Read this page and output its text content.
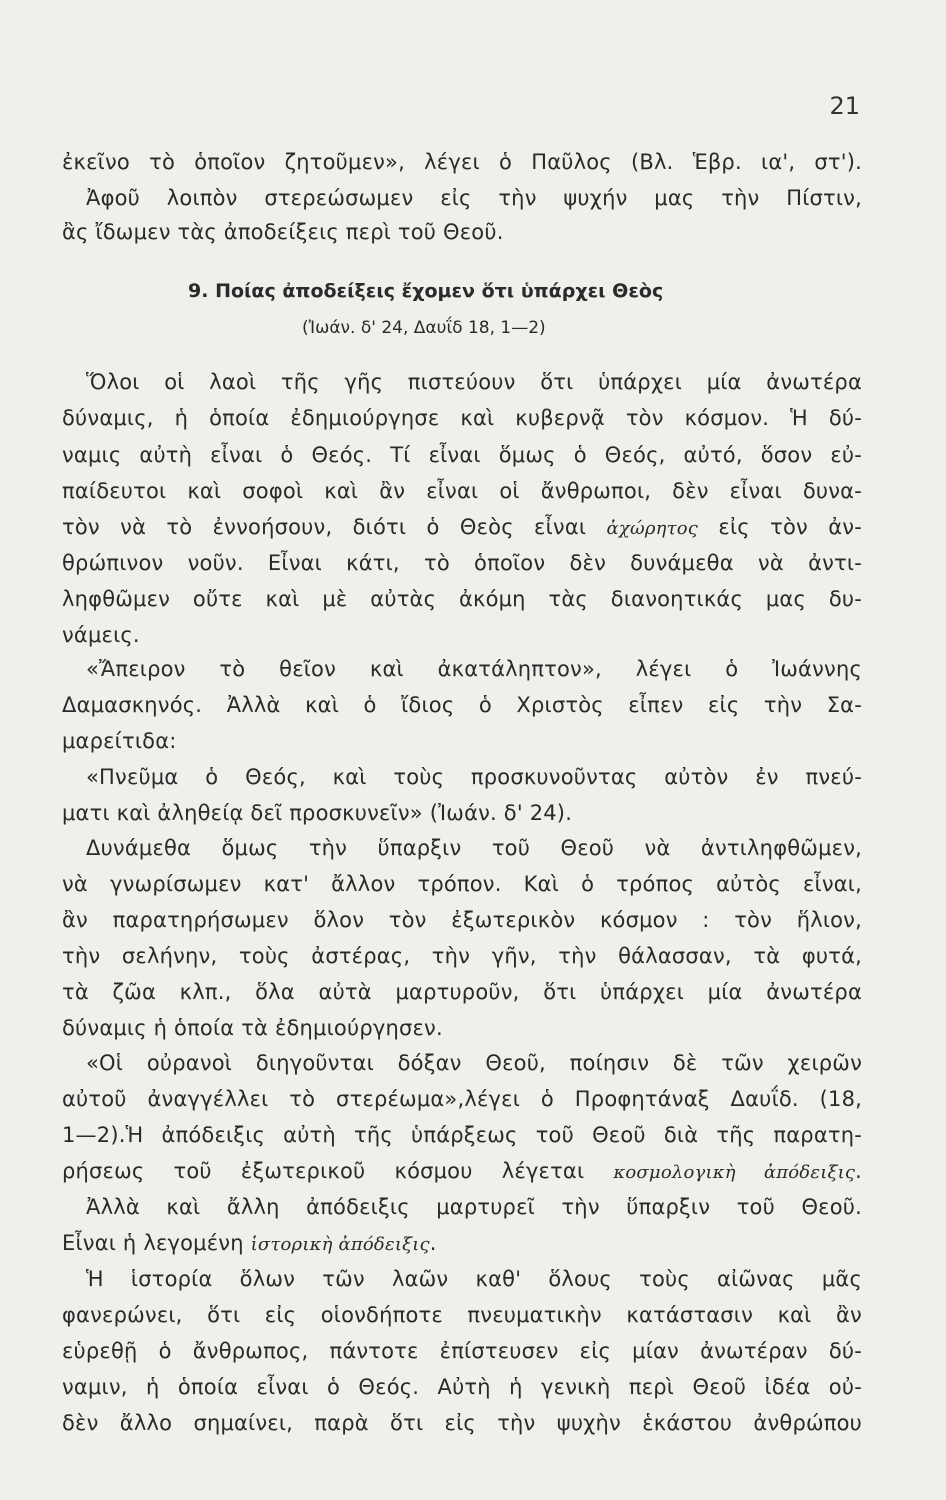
21
ἐκεῖνο τὸ ὁποῖον ζητοῦμεν», λέγει ὁ Παῦλος (Βλ. Ἑβρ. ια', στ').
Ἀφοῦ λοιπὸν στερεώσωμεν εἰς τὴν ψυχήν μας τὴν Πίστιν,
ἂς ἴδωμεν τὰς ἀποδείξεις περὶ τοῦ Θεοῦ.
9. Ποίας ἀποδείξεις ἔχομεν ὅτι ὑπάρχει Θεὸς
(Ἰωάν. δ' 24, Δαυΐδ 18, 1—2)
Ὅλοι οἱ λαοὶ τῆς γῆς πιστεύουν ὅτι ὑπάρχει μία ἀνωτέρα
δύναμις, ἡ ὁποία ἐδημιούργησε καὶ κυβερνᾷ τὸν κόσμον. Ἡ δύ-
ναμις αὐτὴ εἶναι ὁ Θεός. Τί εἶναι ὅμως ὁ Θεός, αὐτό, ὅσον εὐ-
παίδευτοι καὶ σοφοὶ καὶ ἂν εἶναι οἱ ἄνθρωποι, δὲν εἶναι δυνα-
τὸν νὰ τὸ ἐννοήσουν, διότι ὁ Θεὸς εἶναι ἀχώρητος εἰς τὸν ἀν-
θρώπινον νοῦν. Εἶναι κάτι, τὸ ὁποῖον δὲν δυνάμεθα νὰ ἀντι-
ληφθῶμεν οὔτε καὶ μὲ αὐτὰς ἀκόμη τὰς διανοητικάς μας δυ-
νάμεις.
«Ἄπειρον τὸ θεῖον καὶ ἀκατάληπτον», λέγει ὁ Ἰωάννης
Δαμασκηνός. Ἀλλὰ καὶ ὁ ἴδιος ὁ Χριστὸς εἶπεν εἰς τὴν Σα-
μαρείτιδα:
«Πνεῦμα ὁ Θεός, καὶ τοὺς προσκυνοῦντας αὐτὸν ἐν πνεύ-
ματι καὶ ἀληθείᾳ δεῖ προσκυνεῖν» (Ἰωάν. δ' 24).
Δυνάμεθα ὅμως τὴν ὕπαρξιν τοῦ Θεοῦ νὰ ἀντιληφθῶμεν,
νὰ γνωρίσωμεν κατ' ἄλλον τρόπον. Καὶ ὁ τρόπος αὐτὸς εἶναι,
ἂν παρατηρήσωμεν ὅλον τὸν ἐξωτερικὸν κόσμον : τὸν ἥλιον,
τὴν σελήνην, τοὺς ἀστέρας, τὴν γῆν, τὴν θάλασσαν, τὰ φυτά,
τὰ ζῶα κλπ., ὅλα αὐτὰ μαρτυροῦν, ὅτι ὑπάρχει μία ἀνωτέρα
δύναμις ἡ ὁποία τὰ ἐδημιούργησεν.
«Οἱ οὐρανοὶ διηγοῦνται δόξαν Θεοῦ, ποίησιν δὲ τῶν χειρῶν
αὐτοῦ ἀναγγέλλει τὸ στερέωμα»,λέγει ὁ Προφητάναξ Δαυΐδ. (18,
1—2).Ἡ ἀπόδειξις αὐτὴ τῆς ὑπάρξεως τοῦ Θεοῦ διὰ τῆς παρατη-
ρήσεως τοῦ ἐξωτερικοῦ κόσμου λέγεται κοσμολογικὴ ἀπόδειξις.
Ἀλλὰ καὶ ἄλλη ἀπόδειξις μαρτυρεῖ τὴν ὕπαρξιν τοῦ Θεοῦ.
Εἶναι ἡ λεγομένη ἱστορικὴ ἀπόδειξις.
Ἡ ἱστορία ὅλων τῶν λαῶν καθ' ὅλους τοὺς αἰῶνας μᾶς
φανερώνει, ὅτι εἰς οἱονδήποτε πνευματικὴν κατάστασιν καὶ ἂν
εὑρεθῇ ὁ ἄνθρωπος, πάντοτε ἐπίστευσεν εἰς μίαν ἀνωτέραν δύ-
ναμιν, ἡ ὁποία εἶναι ὁ Θεός. Αὐτὴ ἡ γενικὴ περὶ Θεοῦ ἰδέα οὐ-
δὲν ἄλλο σημαίνει, παρὰ ὅτι εἰς τὴν ψυχὴν ἑκάστου ἀνθρώπου
